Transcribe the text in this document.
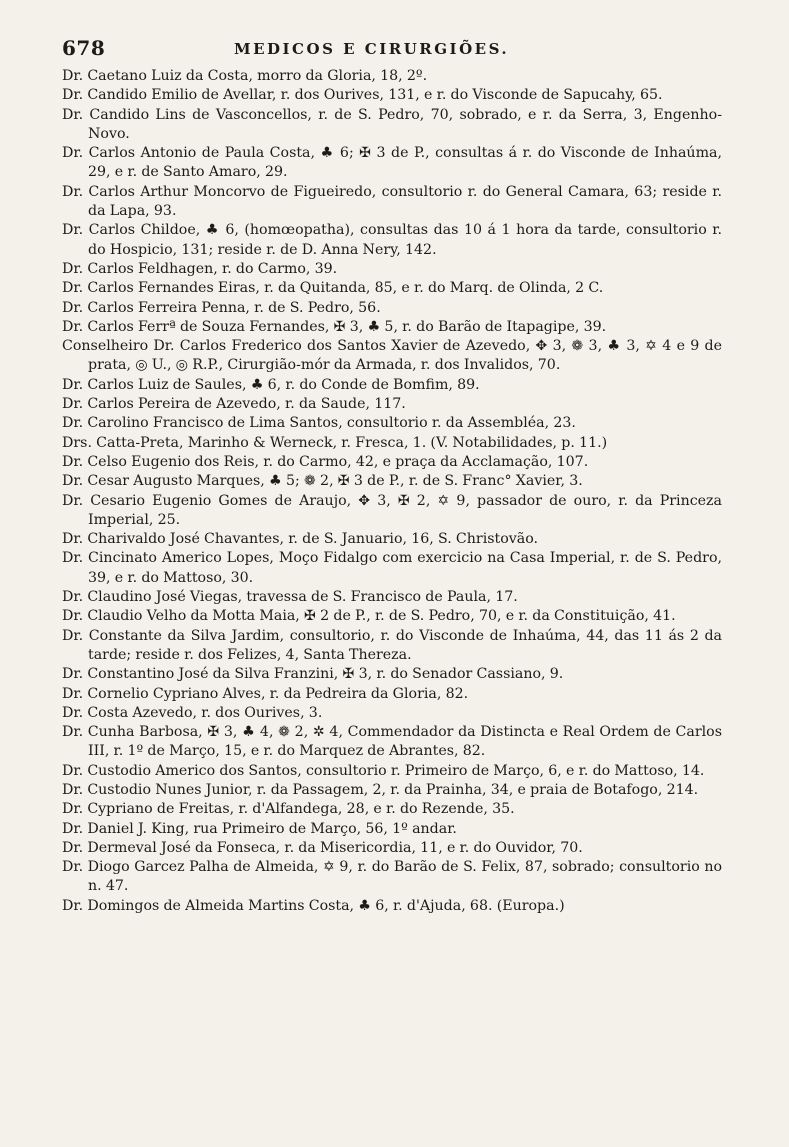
678	MEDICOS E CIRURGIÕES.

Dr. Caetano Luiz da Costa, morro da Gloria, 18, 2º.

Dr. Candido Emilio de Avellar, r. dos Ourives, 131, e r. do Visconde de Sapucahy, 65.

Dr. Candido Lins de Vasconcellos, r. de S. Pedro, 70, sobrado, e r. da Serra, 3, Engenho-Novo.

Dr. Carlos Antonio de Paula Costa, ♣ 6; ✠ 3 de P., consultas á r. do Visconde de Inhaúma, 29, e r. de Santo Amaro, 29.

Dr. Carlos Arthur Moncorvo de Figueiredo, consultorio r. do General Camara, 63; reside r. da Lapa, 93.

Dr. Carlos Childoe, ♣ 6, (homœopatha), consultas das 10 á 1 hora da tarde, consultorio r. do Hospicio, 131; reside r. de D. Anna Nery, 142.

Dr. Carlos Feldhagen, r. do Carmo, 39.

Dr. Carlos Fernandes Eiras, r. da Quitanda, 85, e r. do Marq. de Olinda, 2 C.

Dr. Carlos Ferreira Penna, r. de S. Pedro, 56.

Dr. Carlos Ferrª de Souza Fernandes, ✠ 3, ♣ 5, r. do Barão de Itapagipe, 39.

Conselheiro Dr. Carlos Frederico dos Santos Xavier de Azevedo, ✥ 3, ❁ 3, ♣ 3, ✡ 4 e 9 de prata, ◎ U., ◎ R.P., Cirurgião-mór da Armada, r. dos Invalidos, 70.

Dr. Carlos Luiz de Saules, ♣ 6, r. do Conde de Bomfim, 89.

Dr. Carlos Pereira de Azevedo, r. da Saude, 117.

Dr. Carolino Francisco de Lima Santos, consultorio r. da Assembléa, 23.

Drs. Catta-Preta, Marinho & Werneck, r. Fresca, 1. (V. Notabilidades, p. 11.)

Dr. Celso Eugenio dos Reis, r. do Carmo, 42, e praça da Acclamação, 107.

Dr. Cesar Augusto Marques, ♣ 5; ❁ 2, ✠ 3 de P., r. de S. Franc° Xavier, 3.

Dr. Cesario Eugenio Gomes de Araujo, ✥ 3, ✠ 2, ✡ 9, passador de ouro, r. da Princeza Imperial, 25.

Dr. Charivaldo José Chavantes, r. de S. Januario, 16, S. Christovão.

Dr. Cincinato Americo Lopes, Moço Fidalgo com exercicio na Casa Imperial, r. de S. Pedro, 39, e r. do Mattoso, 30.

Dr. Claudino José Viegas, travessa de S. Francisco de Paula, 17.

Dr. Claudio Velho da Motta Maia, ✠ 2 de P., r. de S. Pedro, 70, e r. da Constituição, 41.

Dr. Constante da Silva Jardim, consultorio, r. do Visconde de Inhaúma, 44, das 11 ás 2 da tarde; reside r. dos Felizes, 4, Santa Thereza.

Dr. Constantino José da Silva Franzini, ✠ 3, r. do Senador Cassiano, 9.

Dr. Cornelio Cypriano Alves, r. da Pedreira da Gloria, 82.

Dr. Costa Azevedo, r. dos Ourives, 3.

Dr. Cunha Barbosa, ✠ 3, ♣ 4, ❁ 2, ✲ 4, Commendador da Distincta e Real Ordem de Carlos III, r. 1º de Março, 15, e r. do Marquez de Abrantes, 82.

Dr. Custodio Americo dos Santos, consultorio r. Primeiro de Março, 6, e r. do Mattoso, 14.

Dr. Custodio Nunes Junior, r. da Passagem, 2, r. da Prainha, 34, e praia de Botafogo, 214.

Dr. Cypriano de Freitas, r. d'Alfandega, 28, e r. do Rezende, 35.

Dr. Daniel J. King, rua Primeiro de Março, 56, 1º andar.

Dr. Dermeval José da Fonseca, r. da Misericordia, 11, e r. do Ouvidor, 70.

Dr. Diogo Garcez Palha de Almeida, ✡ 9, r. do Barão de S. Felix, 87, sobrado; consultorio no n. 47.

Dr. Domingos de Almeida Martins Costa, ♣ 6, r. d'Ajuda, 68. (Europa.)
